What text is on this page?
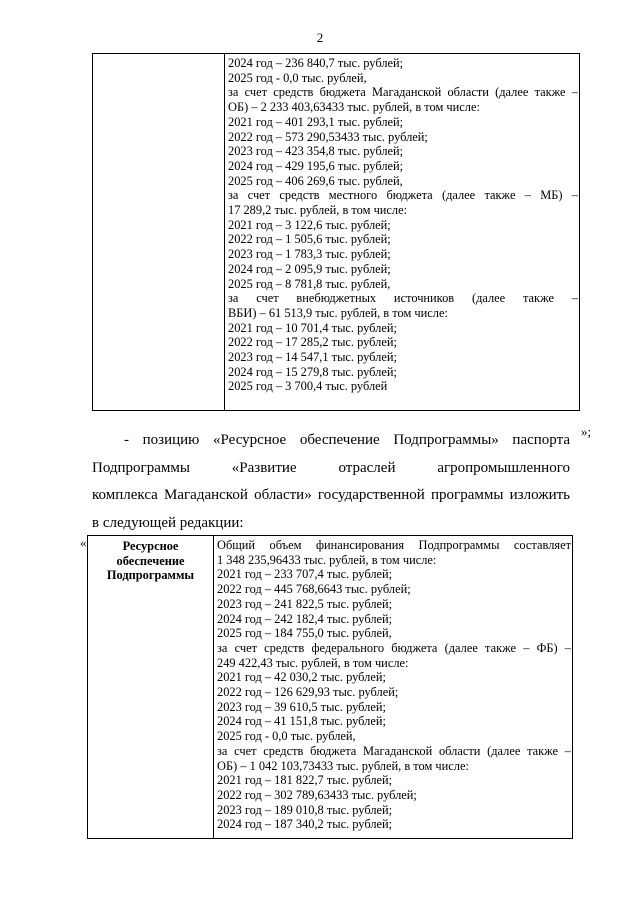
2

2024 год – 236 840,7 тыс. рублей;
2025 год - 0,0 тыс. рублей,
за счет средств бюджета Магаданской области (далее также –
ОБ) – 2 233 403,63433 тыс. рублей, в том числе:
2021 год – 401 293,1 тыс. рублей;
2022 год – 573 290,53433 тыс. рублей;
2023 год – 423 354,8 тыс. рублей;
2024 год – 429 195,6 тыс. рублей;
2025 год – 406 269,6 тыс. рублей,
за счет средств местного бюджета (далее также – МБ) –
17 289,2 тыс. рублей, в том числе:
2021 год – 3 122,6 тыс. рублей;
2022 год – 1 505,6 тыс. рублей;
2023 год – 1 783,3 тыс. рублей;
2024 год – 2 095,9 тыс. рублей;
2025 год – 8 781,8 тыс. рублей,
за счет внебюджетных источников (далее также –
ВБИ) – 61 513,9 тыс. рублей, в том числе:
2021 год – 10 701,4 тыс. рублей;
2022 год – 17 285,2 тыс. рублей;
2023 год – 14 547,1 тыс. рублей;
2024 год – 15 279,8 тыс. рублей;
2025 год – 3 700,4 тыс. рублей
»;

- позицию «Ресурсное обеспечение Подпрограммы» паспорта

Подпрограммы «Развитие отраслей агропромышленного

комплекса Магаданской области» государственной программы изложить

в следующей редакции:

«	Ресурсное обеспечение Подпрограммы	
Общий объем финансирования Подпрограммы составляет
1 348 235,96433 тыс. рублей, в том числе:
2021 год – 233 707,4 тыс. рублей;
2022 год – 445 768,6643 тыс. рублей;
2023 год – 241 822,5 тыс. рублей;
2024 год – 242 182,4 тыс. рублей;
2025 год – 184 755,0 тыс. рублей,
за счет средств федерального бюджета (далее также – ФБ) –
249 422,43 тыс. рублей, в том числе:
2021 год – 42 030,2 тыс. рублей;
2022 год – 126 629,93 тыс. рублей;
2023 год – 39 610,5 тыс. рублей;
2024 год – 41 151,8 тыс. рублей;
2025 год - 0,0 тыс. рублей,
за счет средств бюджета Магаданской области (далее также –
ОБ) – 1 042 103,73433 тыс. рублей, в том числе:
2021 год – 181 822,7 тыс. рублей;
2022 год – 302 789,63433 тыс. рублей;
2023 год – 189 010,8 тыс. рублей;
2024 год – 187 340,2 тыс. рублей;
